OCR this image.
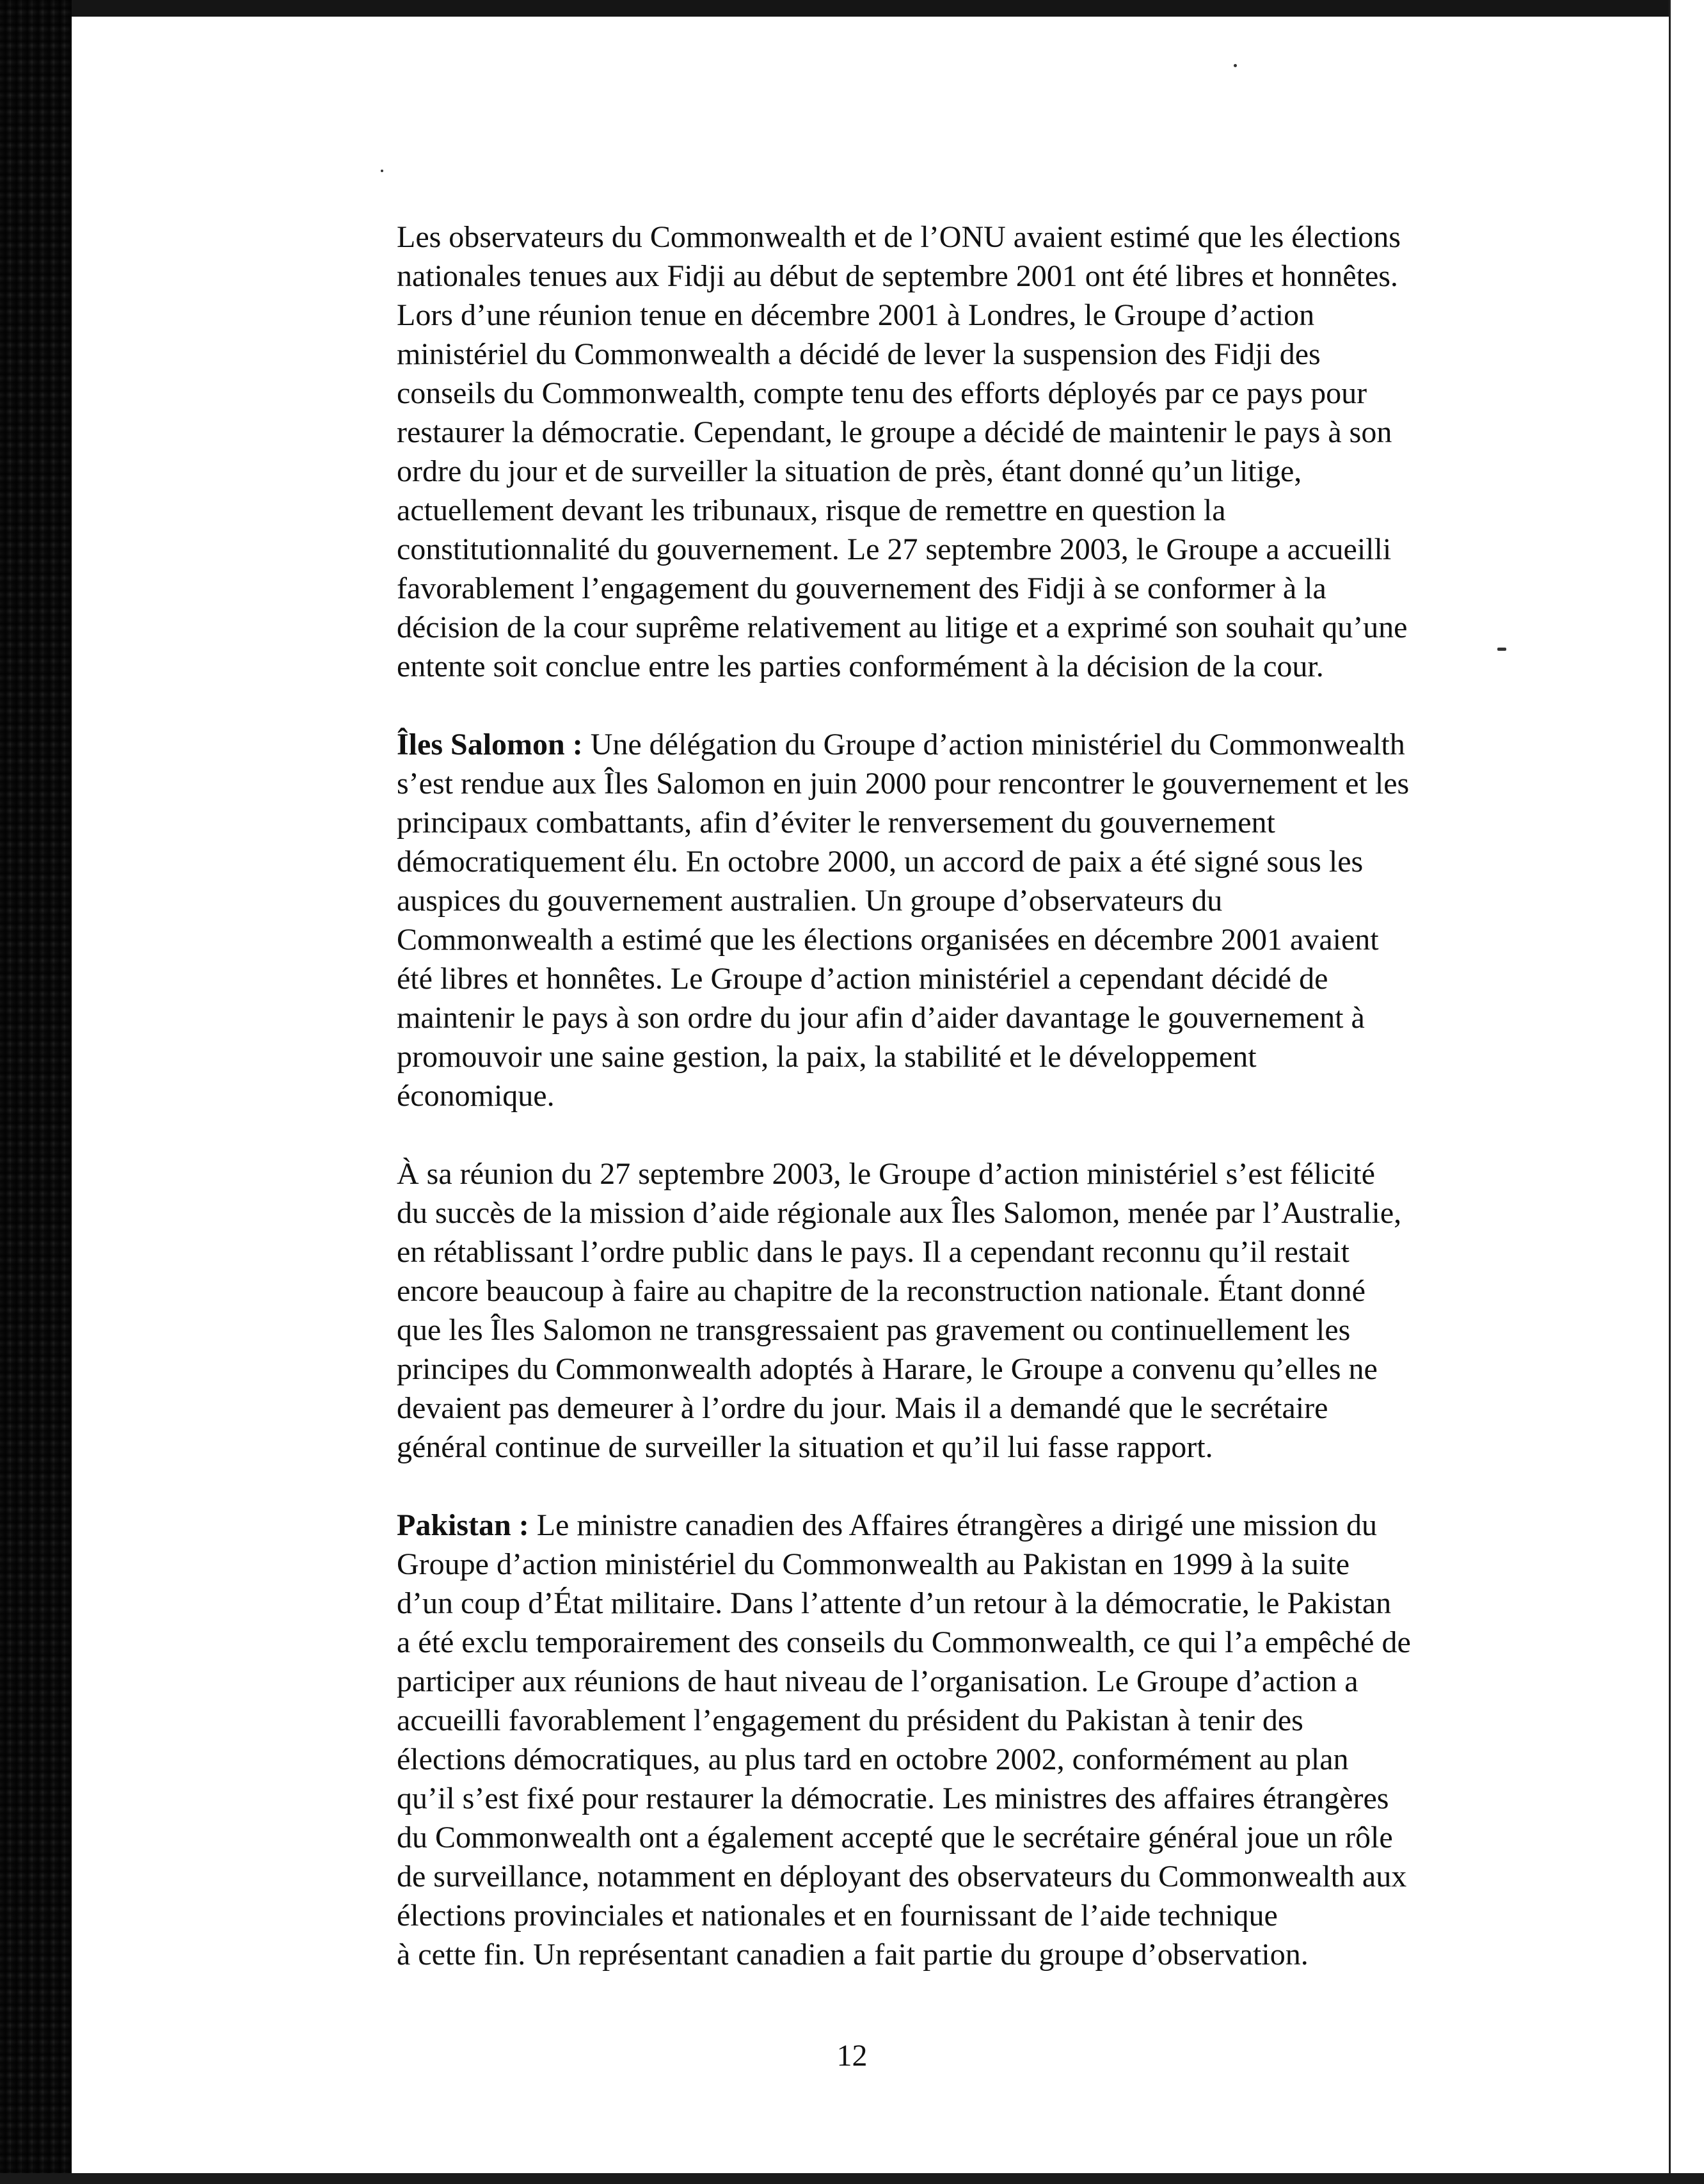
Les observateurs du Commonwealth et de l’ONU avaient estimé que les élections
nationales tenues aux Fidji au début de septembre 2001 ont été libres et honnêtes.
Lors d’une réunion tenue en décembre 2001 à Londres, le Groupe d’action
ministériel du Commonwealth a décidé de lever la suspension des Fidji des
conseils du Commonwealth, compte tenu des efforts déployés par ce pays pour
restaurer la démocratie. Cependant, le groupe a décidé de maintenir le pays à son
ordre du jour et de surveiller la situation de près, étant donné qu’un litige,
actuellement devant les tribunaux, risque de remettre en question la
constitutionnalité du gouvernement. Le 27 septembre 2003, le Groupe a accueilli
favorablement l’engagement du gouvernement des Fidji à se conformer à la
décision de la cour suprême relativement au litige et a exprimé son souhait qu’une
entente soit conclue entre les parties conformément à la décision de la cour.
Îles Salomon : Une délégation du Groupe d’action ministériel du Commonwealth
s’est rendue aux Îles Salomon en juin 2000 pour rencontrer le gouvernement et les
principaux combattants, afin d’éviter le renversement du gouvernement
démocratiquement élu. En octobre 2000, un accord de paix a été signé sous les
auspices du gouvernement australien. Un groupe d’observateurs du
Commonwealth a estimé que les élections organisées en décembre 2001 avaient
été libres et honnêtes. Le Groupe d’action ministériel a cependant décidé de
maintenir le pays à son ordre du jour afin d’aider davantage le gouvernement à
promouvoir une saine gestion, la paix, la stabilité et le développement
économique.
À sa réunion du 27 septembre 2003, le Groupe d’action ministériel s’est félicité
du succès de la mission d’aide régionale aux Îles Salomon, menée par l’Australie,
en rétablissant l’ordre public dans le pays. Il a cependant reconnu qu’il restait
encore beaucoup à faire au chapitre de la reconstruction nationale. Étant donné
que les Îles Salomon ne transgressaient pas gravement ou continuellement les
principes du Commonwealth adoptés à Harare, le Groupe a convenu qu’elles ne
devaient pas demeurer à l’ordre du jour. Mais il a demandé que le secrétaire
général continue de surveiller la situation et qu’il lui fasse rapport.
Pakistan : Le ministre canadien des Affaires étrangères a dirigé une mission du
Groupe d’action ministériel du Commonwealth au Pakistan en 1999 à la suite
d’un coup d’État militaire. Dans l’attente d’un retour à la démocratie, le Pakistan
a été exclu temporairement des conseils du Commonwealth, ce qui l’a empêché de
participer aux réunions de haut niveau de l’organisation. Le Groupe d’action a
accueilli favorablement l’engagement du président du Pakistan à tenir des
élections démocratiques, au plus tard en octobre 2002, conformément au plan
qu’il s’est fixé pour restaurer la démocratie. Les ministres des affaires étrangères
du Commonwealth ont a également accepté que le secrétaire général joue un rôle
de surveillance, notamment en déployant des observateurs du Commonwealth aux
élections provinciales et nationales et en fournissant de l’aide technique
à cette fin. Un représentant canadien a fait partie du groupe d’observation.
12
